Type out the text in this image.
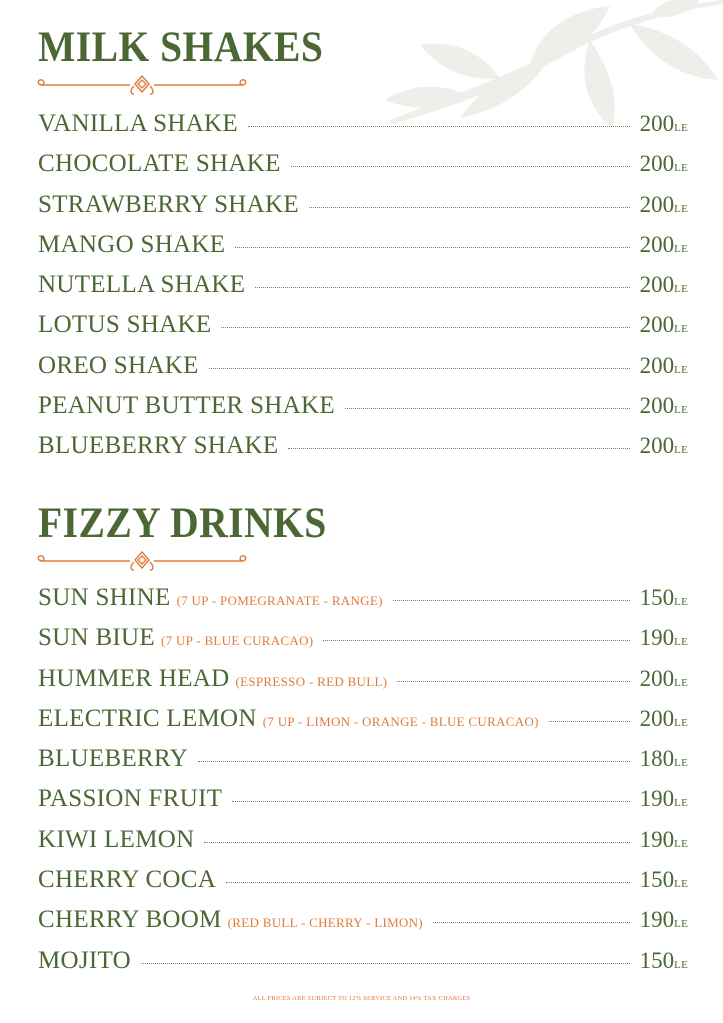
MILK SHAKES
VANILLA SHAKE	200LE
CHOCOLATE SHAKE	200LE
STRAWBERRY SHAKE	200LE
MANGO SHAKE	200LE
NUTELLA SHAKE	200LE
LOTUS SHAKE	200LE
OREO SHAKE	200LE
PEANUT BUTTER SHAKE	200LE
BLUEBERRY SHAKE	200LE
FIZZY DRINKS
SUN SHINE (7 UP - POMEGRANATE - RANGE)	150LE
SUN BIUE (7 UP - BLUE CURACAO)	190LE
HUMMER HEAD (ESPRESSO - RED BULL)	200LE
ELECTRIC LEMON (7 UP - LIMON - ORANGE - BLUE CURACAO)	200LE
BLUEBERRY	180LE
PASSION FRUIT	190LE
KIWI LEMON	190LE
CHERRY COCA	150LE
CHERRY BOOM (RED BULL - CHERRY - LIMON)	190LE
MOJITO	150LE
ALL PRICES ARE SUBJECT TO 12% SERVICE AND 14% TAX CHARGES
